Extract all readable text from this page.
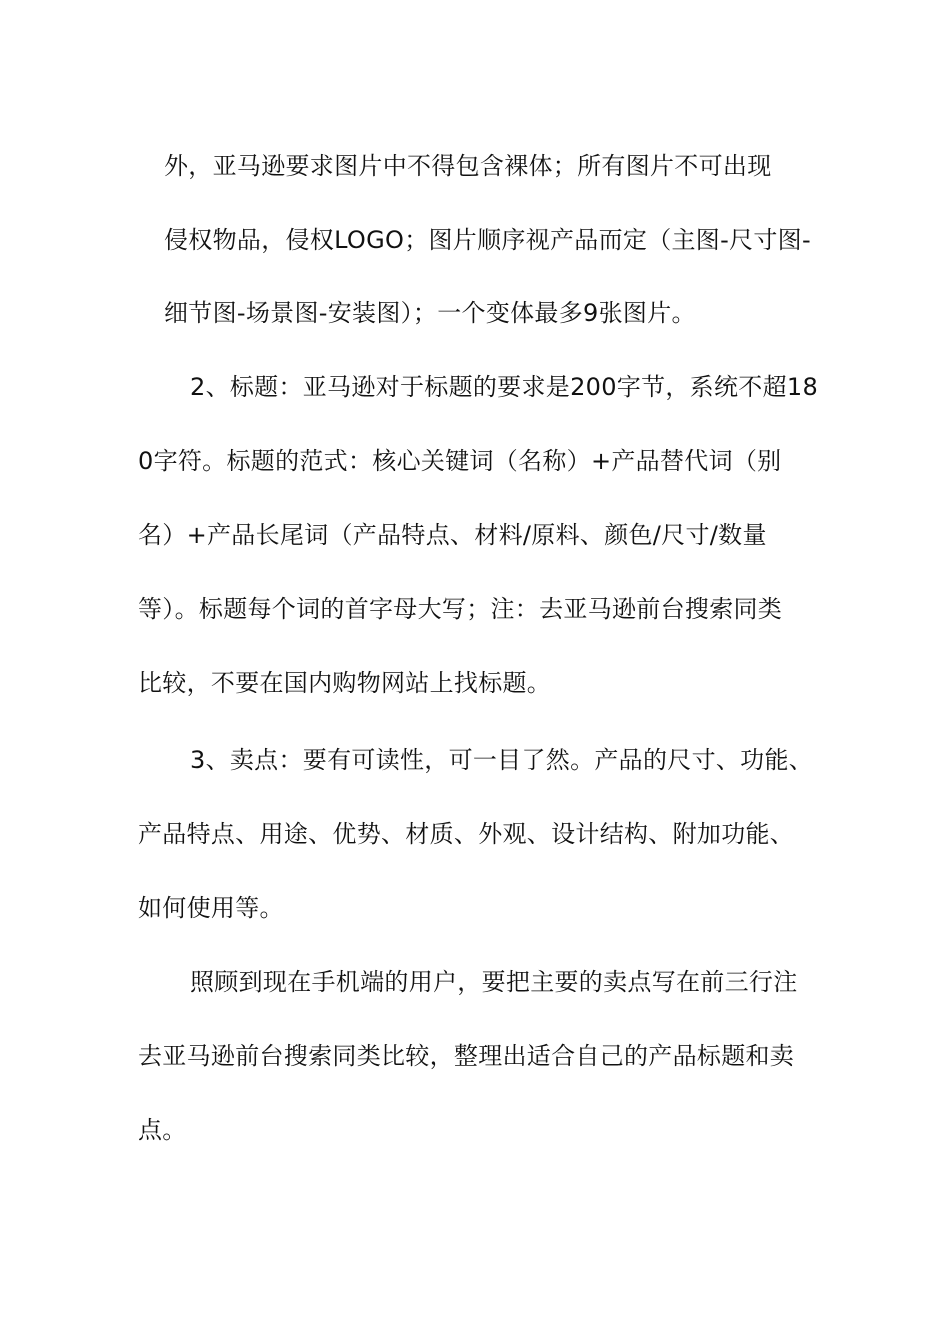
外，亚马逊要求图片中不得包含裸体；所有图片不可出现
侵权物品，侵权LOGO；图片顺序视产品而定（主图-尺寸图-
细节图-场景图-安装图）；一个变体最多9张图片。
2、标题：亚马逊对于标题的要求是200字节，系统不超18
0字符。标题的范式：核心关键词（名称）+产品替代词（别
名）+产品长尾词（产品特点、材料/原料、颜色/尺寸/数量
等）。标题每个词的首字母大写；注：去亚马逊前台搜索同类
比较，不要在国内购物网站上找标题。
3、卖点：要有可读性，可一目了然。产品的尺寸、功能、
产品特点、用途、优势、材质、外观、设计结构、附加功能、
如何使用等。
照顾到现在手机端的用户，要把主要的卖点写在前三行注
去亚马逊前台搜索同类比较，整理出适合自己的产品标题和卖
点。
